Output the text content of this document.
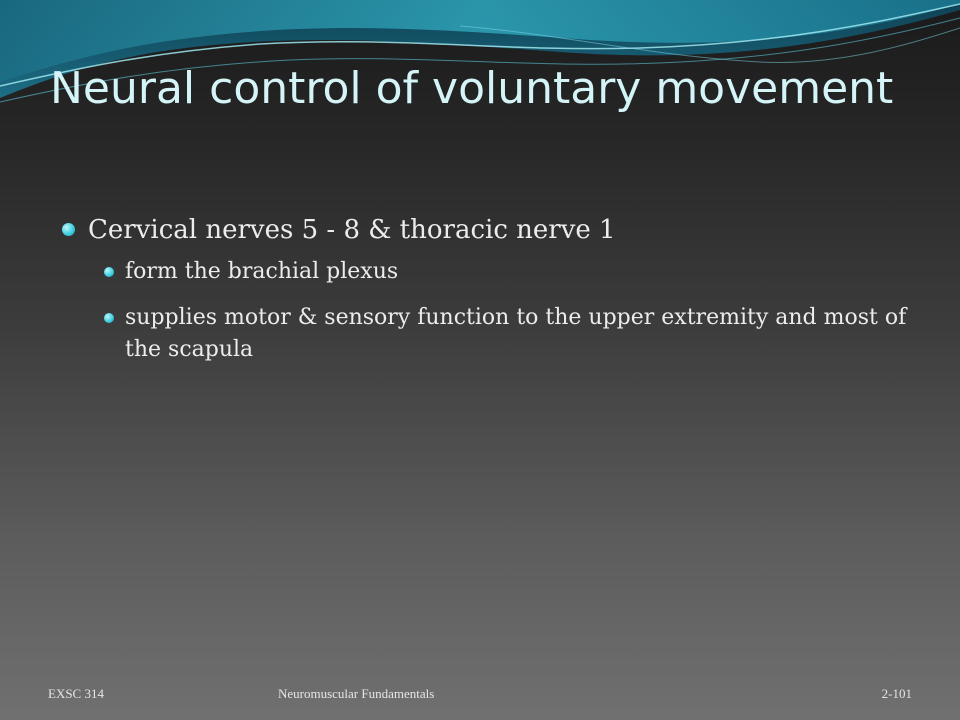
Neural control of voluntary movement
Cervical nerves 5 - 8 & thoracic nerve 1
form the brachial plexus
supplies motor & sensory function to the upper extremity and most of the scapula
EXSC 314	Neuromuscular Fundamentals	2-101
